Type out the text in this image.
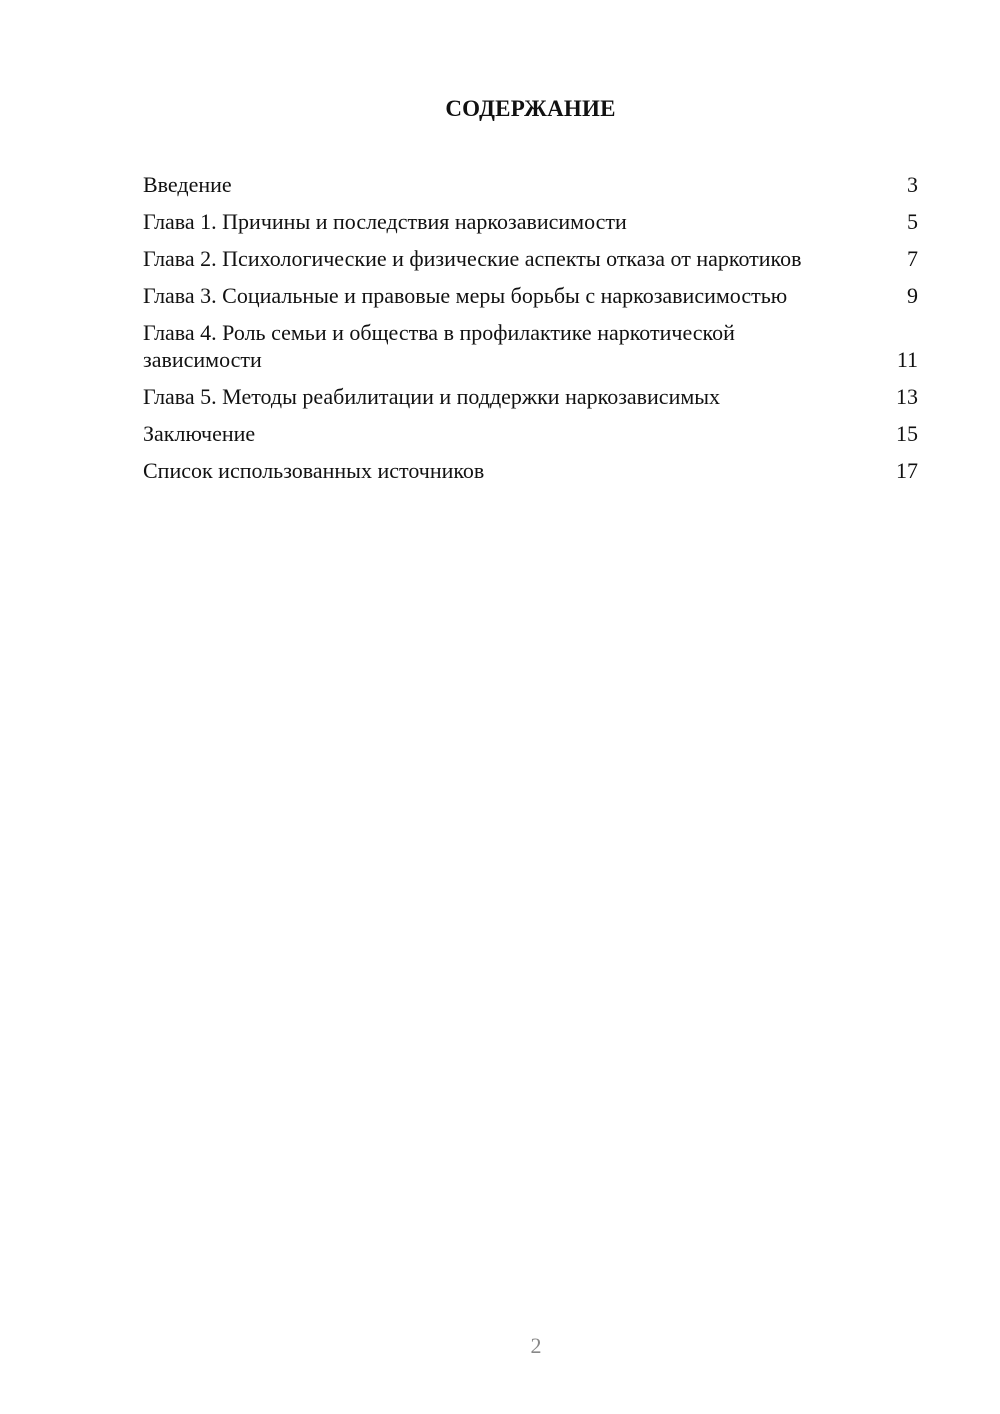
СОДЕРЖАНИЕ
Введение	3
Глава 1. Причины и последствия наркозависимости	5
Глава 2. Психологические и физические аспекты отказа от наркотиков	7
Глава 3. Социальные и правовые меры борьбы с наркозависимостью	9
Глава 4. Роль семьи и общества в профилактике наркотической зависимости	11
Глава 5. Методы реабилитации и поддержки наркозависимых	13
Заключение	15
Список использованных источников	17
2
